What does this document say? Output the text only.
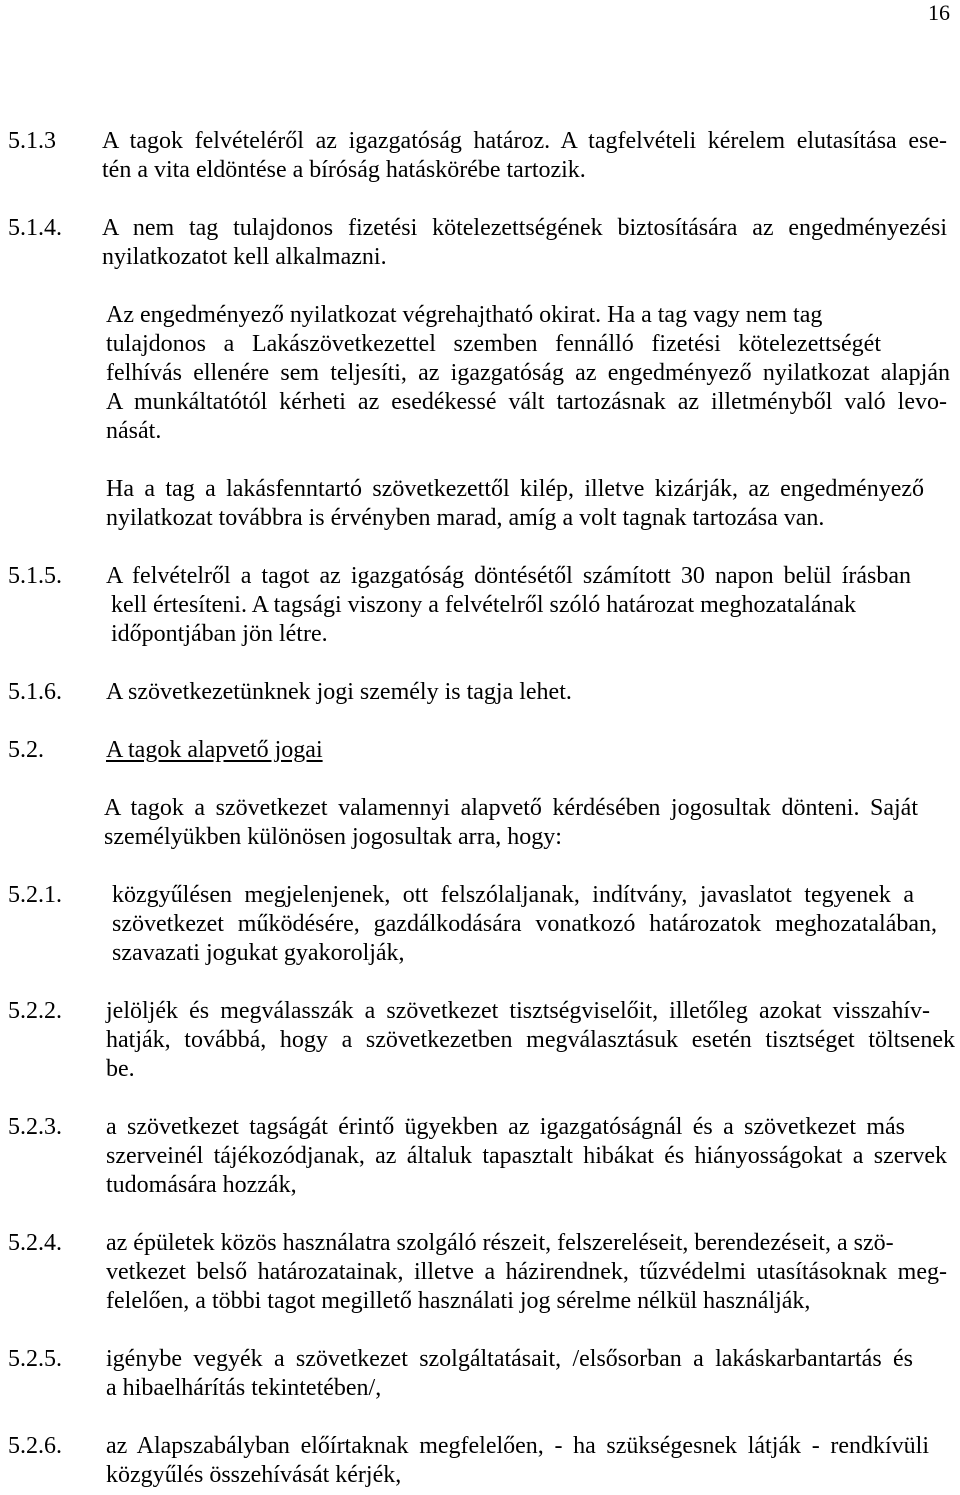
16
5.1.3 A tagok felvételéről az igazgatóság határoz. A tagfelvételi kérelem elutasítása ese-
tén a vita eldöntése a bíróság hatáskörébe tartozik.
5.1.4. A nem tag tulajdonos fizetési kötelezettségének biztosítására az engedményezési
nyilatkozatot kell alkalmazni.
Az engedményező nyilatkozat végrehajtható okirat. Ha a tag vagy nem tag
tulajdonos a Lakászövetkezettel szemben fennálló fizetési kötelezettségét
felhívás ellenére sem teljesíti, az igazgatóság az engedményező nyilatkozat alapján
A munkáltatótól kérheti az esedékessé vált tartozásnak az illetményből való levo-
nását.
Ha a tag a lakásfenntartó szövetkezettől kilép, illetve kizárják, az engedményező
nyilatkozat továbbra is érvényben marad, amíg a volt tagnak tartozása van.
5.1.5. A felvételről a tagot az igazgatóság döntésétől számított 30 napon belül írásban
kell értesíteni. A tagsági viszony a felvételről szóló határozat meghozatalának
időpontjában jön létre.
5.1.6. A szövetkezetünknek jogi személy is tagja lehet.
5.2.	A tagok alapvető jogai
A tagok a szövetkezet valamennyi alapvető kérdésében jogosultak dönteni. Saját
személyükben különösen jogosultak arra, hogy:
5.2.1. közgyűlésen megjelenjenek, ott felszólaljanak, indítvány, javaslatot tegyenek a
szövetkezet működésére, gazdálkodására vonatkozó határozatok meghozatalában,
szavazati jogukat gyakorolják,
5.2.2. jelöljék és megválasszák a szövetkezet tisztségviselőit, illetőleg azokat visszahív-
hatják, továbbá, hogy a szövetkezetben megválasztásuk esetén tisztséget töltsenek
be.
5.2.3. a szövetkezet tagságát érintő ügyekben az igazgatóságnál és a szövetkezet más
szerveinél tájékozódjanak, az általuk tapasztalt hibákat és hiányosságokat a szervek
tudomására hozzák,
5.2.4. az épületek közös használatra szolgáló részeit, felszereléseit, berendezéseit, a szö-
vetkezet belső határozatainak, illetve a házirendnek, tűzvédelmi utasításoknak meg-
felelően, a többi tagot megillető használati jog sérelme nélkül használják,
5.2.5. igénybe vegyék a szövetkezet szolgáltatásait, /elsősorban a lakáskarbantartás és
a hibaelhárítás tekintetében/,
5.2.6. az Alapszabályban előírtaknak megfelelően, - ha szükségesnek látják - rendkívüli
közgyűlés összehívását kérjék,
